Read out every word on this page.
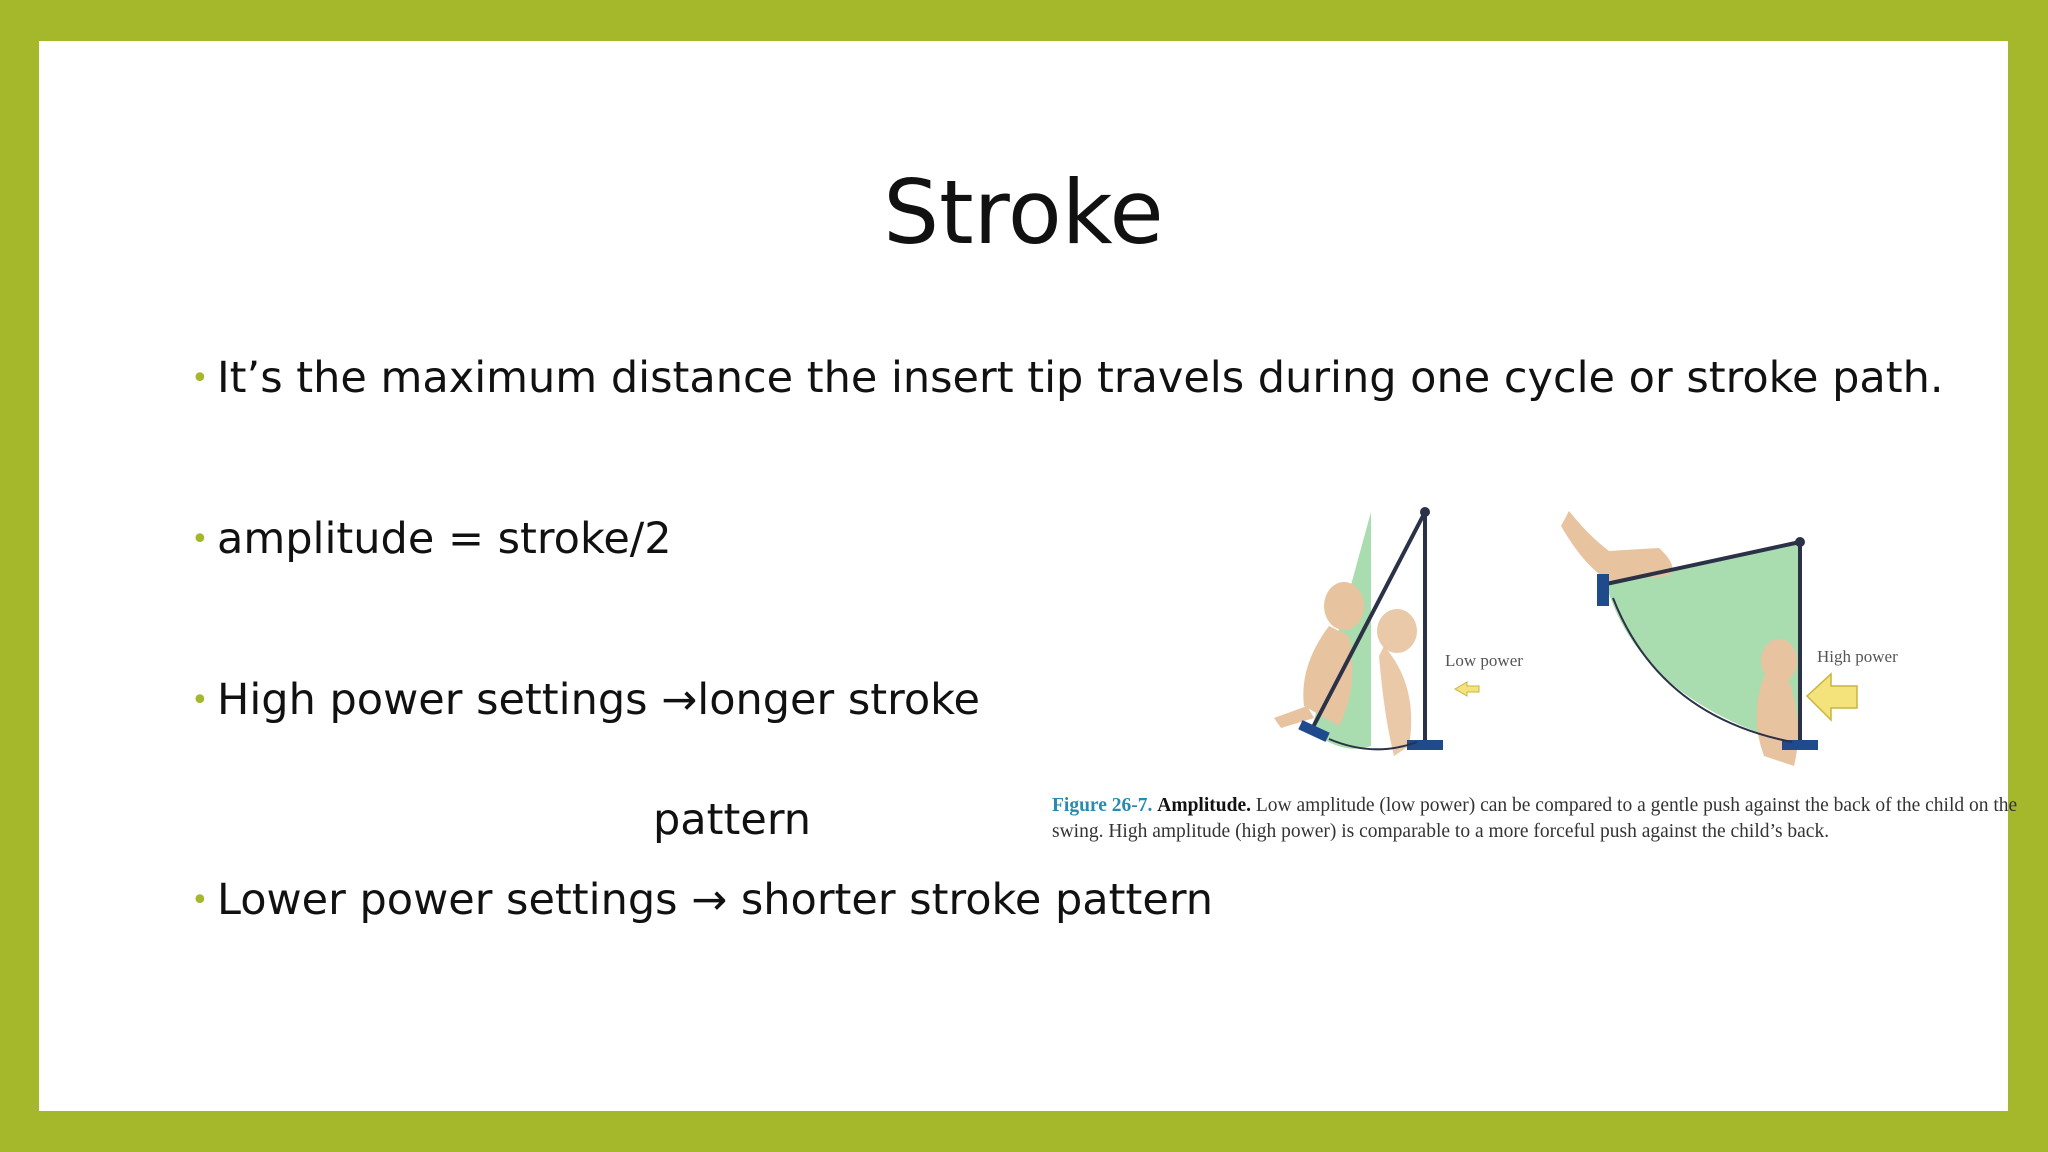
Stroke
• It’s the maximum distance the insert tip travels during one cycle or stroke path.
• amplitude = stroke/2
• High power settings →longer stroke
pattern
• Lower power settings → shorter stroke pattern
Low power	High power
Figure 26-7. Amplitude. Low amplitude (low power) can be compared to a gentle push against the back of the child on the swing. High amplitude (high power) is comparable to a more forceful push against the child’s back.
